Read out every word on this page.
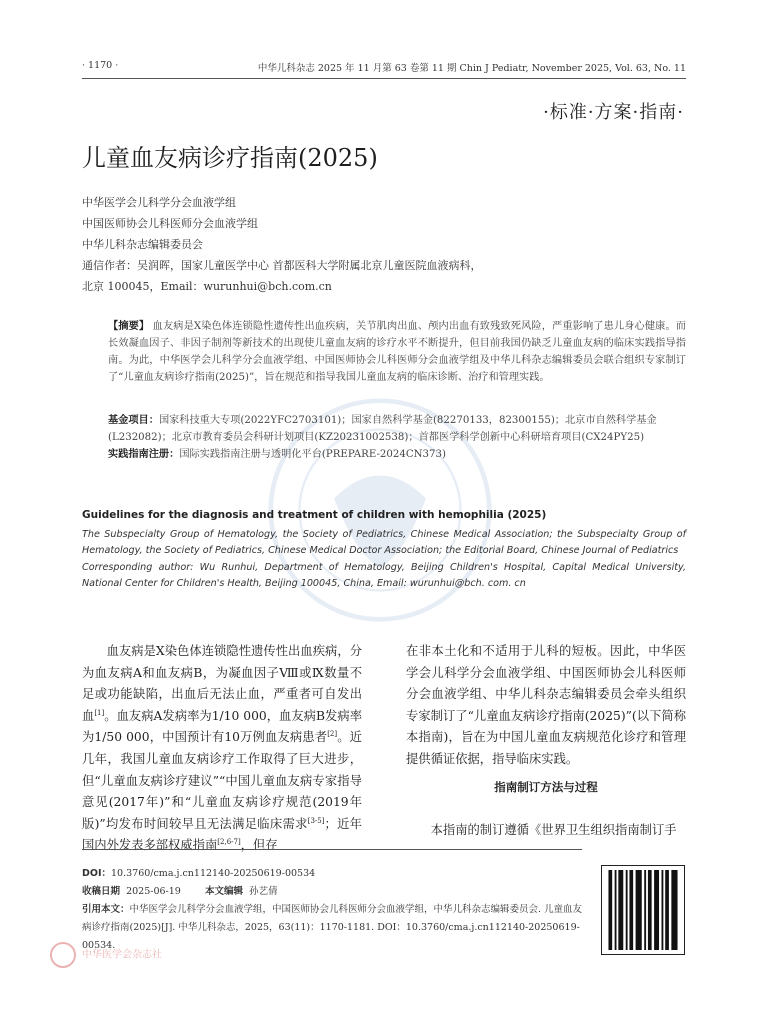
· 1170 ·	中华儿科杂志 2025 年 11 月第 63 卷第 11 期 Chin J Pediatr, November 2025, Vol. 63, No. 11
·标准·方案·指南·
儿童血友病诊疗指南(2025)
中华医学会儿科学分会血液学组
中国医师协会儿科医师分会血液学组
中华儿科杂志编辑委员会
通信作者：吴润晖，国家儿童医学中心 首都医科大学附属北京儿童医院血液病科，
北京 100045，Email：wurunhui@bch.com.cn
【摘要】 血友病是X染色体连锁隐性遗传性出血疾病，关节肌肉出血、颅内出血有致残致死风险，严重影响了患儿身心健康。而长效凝血因子、非因子制剂等新技术的出现使儿童血友病的诊疗水平不断提升，但目前我国仍缺乏儿童血友病的临床实践指导指南。为此，中华医学会儿科学分会血液学组、中国医师协会儿科医师分会血液学组及中华儿科杂志编辑委员会联合组织专家制订了“儿童血友病诊疗指南(2025)”，旨在规范和指导我国儿童血友病的临床诊断、治疗和管理实践。
基金项目：国家科技重大专项(2022YFC2703101)；国家自然科学基金(82270133，82300155)；北京市自然科学基金(L232082)；北京市教育委员会科研计划项目(KZ20231002538)；首都医学科学创新中心科研培育项目(CX24PY25)
实践指南注册：国际实践指南注册与透明化平台(PREPARE-2024CN373)
Guidelines for the diagnosis and treatment of children with hemophilia (2025)
The Subspecialty Group of Hematology, the Society of Pediatrics, Chinese Medical Association; the Subspecialty Group of Hematology, the Society of Pediatrics, Chinese Medical Doctor Association; the Editorial Board, Chinese Journal of Pediatrics
Corresponding author: Wu Runhui, Department of Hematology, Beijing Children's Hospital, Capital Medical University, National Center for Children's Health, Beijing 100045, China, Email: wurunhui@bch. com. cn

血友病是X染色体连锁隐性遗传性出血疾病，分为血友病A和血友病B，为凝血因子Ⅷ或Ⅸ数量不足或功能缺陷，出血后无法止血，严重者可自发出血[1]。血友病A发病率为1/10 000，血友病B发病率为1/50 000，中国预计有10万例血友病患者[2]。近几年，我国儿童血友病诊疗工作取得了巨大进步，但“儿童血友病诊疗建议”“中国儿童血友病专家指导意见(2017年)”和“儿童血友病诊疗规范(2019年版)”均发布时间较早且无法满足临床需求[3-5]；近年国内外发表多部权威指南[2,6-7]，但存

在非本土化和不适用于儿科的短板。因此，中华医学会儿科学分会血液学组、中国医师协会儿科医师分会血液学组、中华儿科杂志编辑委员会牵头组织专家制订了“儿童血友病诊疗指南(2025)”(以下简称本指南)，旨在为中国儿童血友病规范化诊疗和管理提供循证依据，指导临床实践。

指南制订方法与过程
本指南的制订遵循《世界卫生组织指南制订手
DOI：10.3760/cma.j.cn112140-20250619-00534
收稿日期 2025-06-19	本文编辑 孙艺倩
引用本文：中华医学会儿科学分会血液学组，中国医师协会儿科医师分会血液学组，中华儿科杂志编辑委员会. 儿童血友病诊疗指南(2025)[J]. 中华儿科杂志，2025，63(11)：1170-1181. DOI：10.3760/cma.j.cn112140-20250619-00534.
中华医学会杂志社
